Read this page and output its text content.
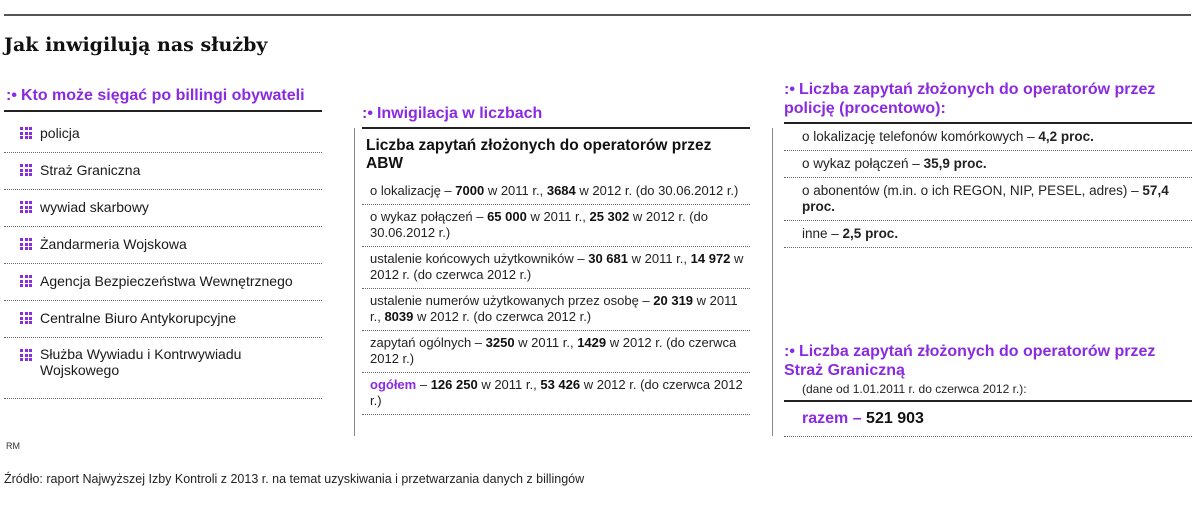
Jak inwigilują nas służby
:• Kto może sięgać po billingi obywateli
policja
Straż Graniczna
wywiad skarbowy
Żandarmeria Wojskowa
Agencja Bezpieczeństwa Wewnętrznego
Centralne Biuro Antykorupcyjne
Służba Wywiadu i Kontrwywiadu Wojskowego
:• Inwigilacja w liczbach
Liczba zapytań złożonych do operatorów przez ABW
o lokalizację – 7000 w 2011 r., 3684 w 2012 r. (do 30.06.2012 r.)
o wykaz połączeń – 65 000 w 2011 r., 25 302 w 2012 r. (do 30.06.2012 r.)
ustalenie końcowych użytkowników – 30 681 w 2011 r., 14 972 w 2012 r. (do czerwca 2012 r.)
ustalenie numerów użytkowanych przez osobę – 20 319 w 2011 r., 8039 w 2012 r. (do czerwca 2012 r.)
zapytań ogólnych – 3250 w 2011 r., 1429 w 2012 r. (do czerwca 2012 r.)
ogółem – 126 250 w 2011 r., 53 426 w 2012 r. (do czerwca 2012 r.)
:• Liczba zapytań złożonych do operatorów przez policję (procentowo):
o lokalizację telefonów komórkowych – 4,2 proc.
o wykaz połączeń – 35,9 proc.
o abonentów (m.in. o ich REGON, NIP, PESEL, adres) – 57,4 proc.
inne – 2,5 proc.
:• Liczba zapytań złożonych do operatorów przez Straż Graniczną
(dane od 1.01.2011 r. do czerwca 2012 r.):
razem – 521 903
RM
Źródło: raport Najwyższej Izby Kontroli z 2013 r. na temat uzyskiwania i przetwarzania danych z billingów
